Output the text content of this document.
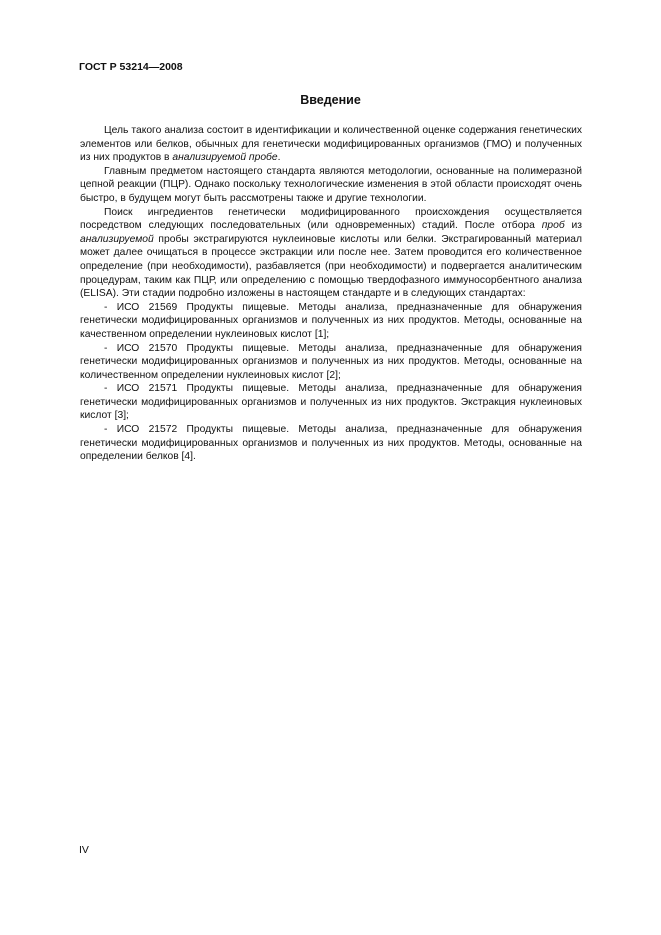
ГОСТ Р 53214—2008
Введение

Цель такого анализа состоит в идентификации и количественной оценке содержания генетических элементов или белков, обычных для генетически модифицированных организмов (ГМО) и полученных из них продуктов в анализируемой пробе.

Главным предметом настоящего стандарта являются методологии, основанные на полимеразной цепной реакции (ПЦР). Однако поскольку технологические изменения в этой области происходят очень быстро, в будущем могут быть рассмотрены также и другие технологии.

Поиск ингредиентов генетически модифицированного происхождения осуществляется посредством следующих последовательных (или одновременных) стадий. После отбора проб из анализируемой пробы экстрагируются нуклеиновые кислоты или белки. Экстрагированный материал может далее очищаться в процессе экстракции или после нее. Затем проводится его количественное определение (при необходимости), разбавляется (при необходимости) и подвергается аналитическим процедурам, таким как ПЦР, или определению с помощью твердофазного иммуносорбентного анализа (ELISA). Эти стадии подробно изложены в настоящем стандарте и в следующих стандартах:

- ИСО 21569 Продукты пищевые. Методы анализа, предназначенные для обнаружения генетически модифицированных организмов и полученных из них продуктов. Методы, основанные на качественном определении нуклеиновых кислот [1];

- ИСО 21570 Продукты пищевые. Методы анализа, предназначенные для обнаружения генетически модифицированных организмов и полученных из них продуктов. Методы, основанные на количественном определении нуклеиновых кислот [2];

- ИСО 21571 Продукты пищевые. Методы анализа, предназначенные для обнаружения генетически модифицированных организмов и полученных из них продуктов. Экстракция нуклеиновых кислот [3];

- ИСО 21572 Продукты пищевые. Методы анализа, предназначенные для обнаружения генетически модифицированных организмов и полученных из них продуктов. Методы, основанные на определении белков [4].

IV
